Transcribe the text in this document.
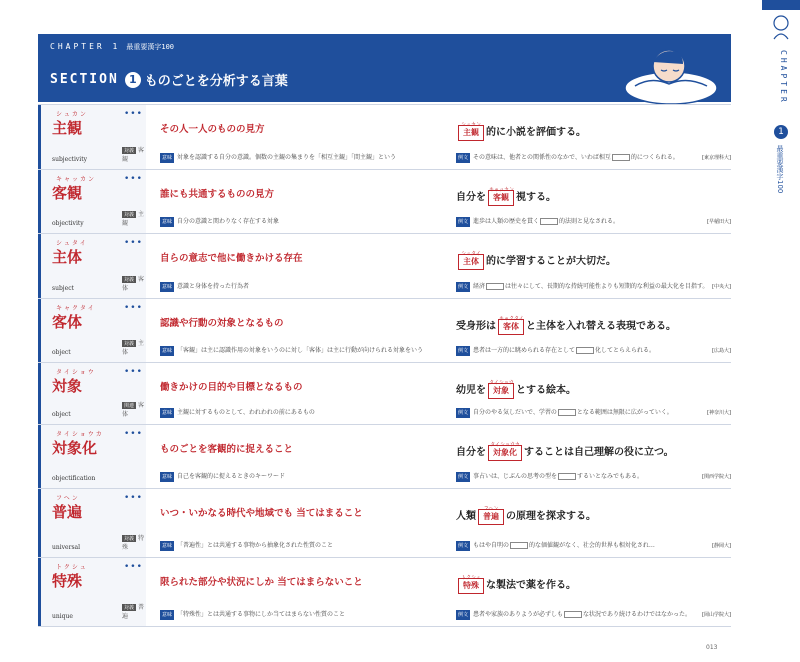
CHAPTER 1 最重要漢字100
SECTION 1 ものごとを分析する言葉	CHAPTER
1
最重要漢字100
シュカン
主観
subjectivity
•••
対義 客観
その人一人のものの見方
意味 対象を認識する自分の意識。個数の主観の集まりを「相互主観」「間主観」という
シュカン
主観 的に小説を評価する。
例文 その意味は、他者との関係性のなかで、いわば相互	的につくられる。	[東京理科大]
キャッカン
客観
objectivity
•••
対義 主観
誰にも共通するものの見方
意味 自分の意識と関わりなく存在する対象
自分を
キャッカン
客観 視する。
例文 進歩は人類の歴史を貫く	的法則と見なされる。	[早稲田大]
シュタイ
主体
subject
•••
対義 客体
自らの意志で他に働きかける存在
意味 意識と身体を持った行為者
シュタイ
主体 的に学習することが大切だ。
例文 経済	は往々にして、長期的な持続可能性よりも短期的な利益の最大化を目指す。 [中央大]
キャクタイ
客体
object
•••
対義 主体
認識や行動の対象となるもの
意味 「客観」は主に認識作用の対象をいうのに対し「客体」は主に行動が向けられる対象をいう
受身形は
キャクタイ
客体 と主体を入れ替える表現である。
例文 患者は一方的に眺められる存在として	化してとらえられる。	[広島大]
タイショウ
対象
object
•••
関連 客体
働きかけの目的や目標となるもの
意味 主観に対するものとして、われわれの前にあるもの
幼児を
タイショウ
対象 とする絵本。
例文 自分のやる気しだいで、学習の	となる範囲は無限に広がっていく。	[神奈川大]
タイショウカ
対象化
objectification
•••
ものごとを客観的に捉えること
意味 自己を客観的に捉えるときのキーワード
自分を
タイショウカ
対象化 することは自己理解の役に立つ。
例文 事占いは、じぶんの思考の型を	するいとなみでもある。	[関西学院大]
フヘン
普遍
universal
•••
対義 特殊
いつ・いかなる時代や地域でも 当てはまること
意味 「普遍性」とは共通する事物から抽象化された性質のこと
人類
フヘン
普遍 の原理を探求する。
例文 もはや自明の	的な価値観がなく、社会的世界も相対化され…	[静岡大]
トクシュ
特殊
unique
•••
対義 普遍
限られた部分や状況にしか 当てはまらないこと
意味 「特殊性」とは共通する事物にしか当てはまらない性質のこと
トクシュ
特殊 な製法で薬を作る。
例文 患者や家族のありようが必ずしも	な状況であり続けるわけではなかった。 [岡山学院大]
013
